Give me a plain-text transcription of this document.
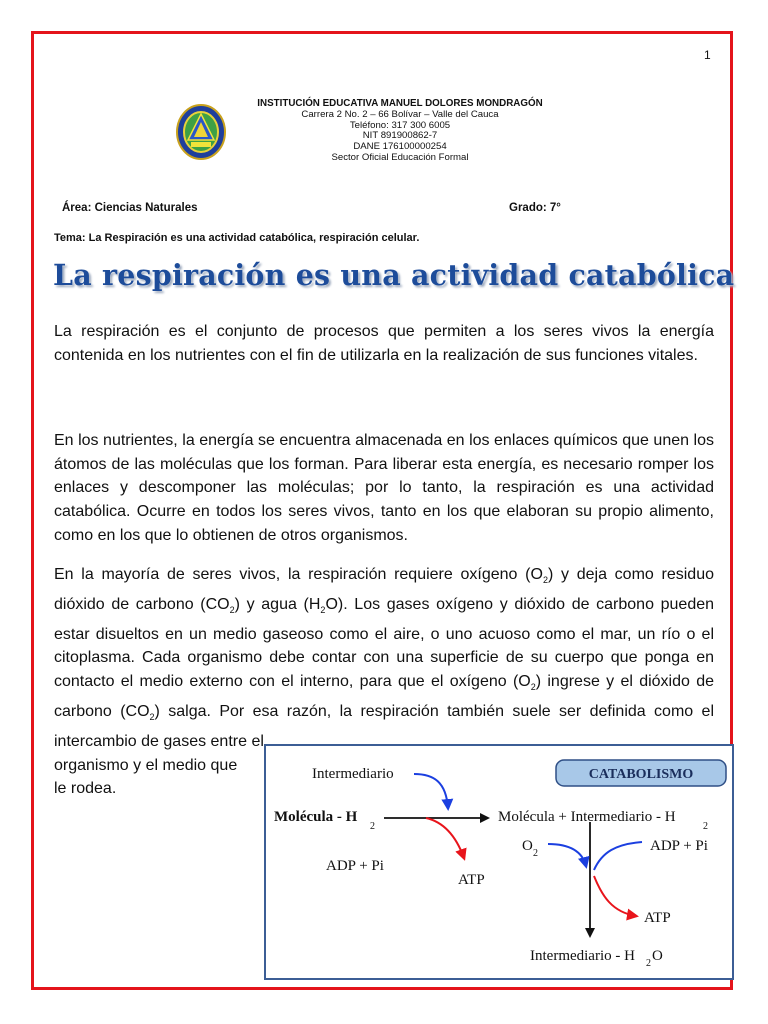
1
INSTITUCIÓN EDUCATIVA MANUEL DOLORES MONDRAGÓN
Carrera 2 No. 2 – 66 Bolívar – Valle del Cauca
Teléfono: 317 300 6005
NIT 891900862-7
DANE 176100000254
Sector Oficial Educación Formal
Área: Ciencias Naturales	Grado: 7°
Tema: La Respiración es una actividad catabólica, respiración celular.
La respiración es una actividad catabólica

La respiración es el conjunto de procesos que permiten a los seres vivos la energía contenida en los nutrientes con el fin de utilizarla en la realización de sus funciones vitales.

En los nutrientes, la energía se encuentra almacenada en los enlaces químicos que unen los átomos de las moléculas que los forman. Para liberar esta energía, es necesario romper los enlaces y descomponer las moléculas; por lo tanto, la respiración es una actividad catabólica. Ocurre en todos los seres vivos, tanto en los que elaboran su propio alimento, como en los que lo obtienen de otros organismos.

En la mayoría de seres vivos, la respiración requiere oxígeno $(O_2)$ y deja como residuo dióxido de carbono $(CO_2)$ y agua $(H_2O)$. Los gases oxígeno y dióxido de carbono pueden estar disueltos en un medio gaseoso como el aire, o uno acuoso como el mar, un río o el citoplasma. Cada organismo debe contar con una superficie de su cuerpo que ponga en contacto el medio externo con el interno, para que el oxígeno $(O_2)$ ingrese y el dióxido de carbono $(CO_2)$ salga. Por esa razón, la respiración también suele ser definida como el intercambio de gases entre el
organismo y el medio que
le rodea.

CATABOLISMO
Intermediario
Molécula - H
2
Molécula + Intermediario - H
2
ADP + Pi
ATP
O 2	ADP + Pi
ATP
Intermediario - H 2 O
